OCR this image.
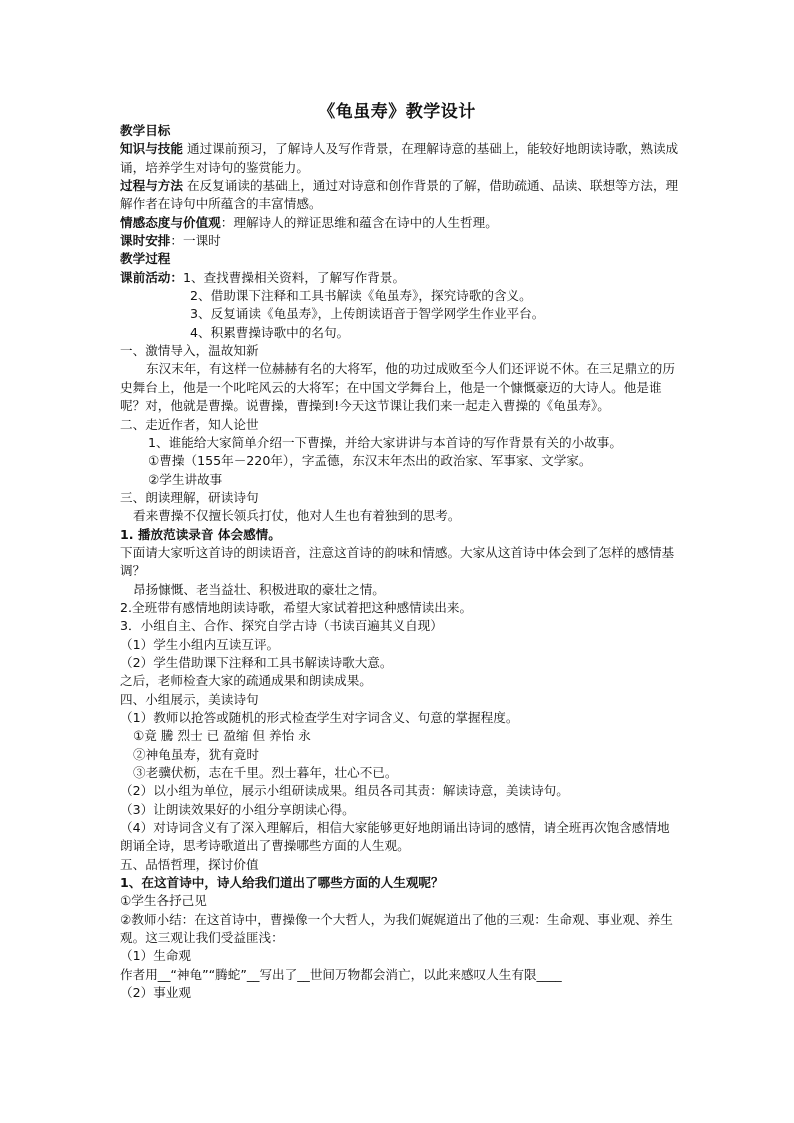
《龟虽寿》教学设计

教学目标

知识与技能 通过课前预习，了解诗人及写作背景，在理解诗意的基础上，能较好地朗读诗歌，熟读成诵，培养学生对诗句的鉴赏能力。

过程与方法 在反复诵读的基础上，通过对诗意和创作背景的了解，借助疏通、品读、联想等方法，理解作者在诗句中所蕴含的丰富情感。

情感态度与价值观：理解诗人的辩证思维和蕴含在诗中的人生哲理。

课时安排：一课时

教学过程

课前活动：1、查找曹操相关资料，了解写作背景。

2、借助课下注释和工具书解读《龟虽寿》，探究诗歌的含义。

3、反复诵读《龟虽寿》，上传朗读语音于智学网学生作业平台。

4、积累曹操诗歌中的名句。

一、激情导入，温故知新

东汉末年，有这样一位赫赫有名的大将军，他的功过成败至今人们还评说不休。在三足鼎立的历史舞台上，他是一个叱咤风云的大将军；在中国文学舞台上，他是一个慷慨豪迈的大诗人。他是谁呢？对，他就是曹操。说曹操，曹操到!今天这节课让我们来一起走入曹操的《龟虽寿》。

二、走近作者，知人论世

1、谁能给大家简单介绍一下曹操，并给大家讲讲与本首诗的写作背景有关的小故事。

①曹操（155年－220年），字孟德，东汉末年杰出的政治家、军事家、文学家。

②学生讲故事

三、朗读理解，研读诗句

看来曹操不仅擅长领兵打仗，他对人生也有着独到的思考。

1. 播放范读录音 体会感情。

下面请大家听这首诗的朗读语音，注意这首诗的韵味和情感。大家从这首诗中体会到了怎样的感情基调？

昂扬慷慨、老当益壮、积极进取的豪壮之情。

2.全班带有感情地朗读诗歌，希望大家试着把这种感情读出来。

3．小组自主、合作、探究自学古诗（书读百遍其义自现）

（1）学生小组内互读互评。

（2）学生借助课下注释和工具书解读诗歌大意。

之后，老师检查大家的疏通成果和朗读成果。

四、小组展示，美读诗句

（1）教师以抢答或随机的形式检查学生对字词含义、句意的掌握程度。

①竟 騰 烈士 已 盈缩 但 养怡 永

②神龟虽寿，犹有竟时

③老骥伏枥，志在千里。烈士暮年，壮心不已。

（2）以小组为单位，展示小组研读成果。组员各司其责：解读诗意，美读诗句。

（3）让朗读效果好的小组分享朗读心得。

（4）对诗词含义有了深入理解后，相信大家能够更好地朗诵出诗词的感情，请全班再次饱含感情地朗诵全诗，思考诗歌道出了曹操哪些方面的人生观。

五、品悟哲理，探讨价值

1、在这首诗中，诗人给我们道出了哪些方面的人生观呢？

①学生各抒己见

②教师小结：在这首诗中，曹操像一个大哲人，为我们娓娓道出了他的三观：生命观、事业观、养生观。这三观让我们受益匪浅：

（1）生命观

作者用__“神龟”“腾蛇”__写出了__世间万物都会消亡，以此来感叹人生有限____

（2）事业观
